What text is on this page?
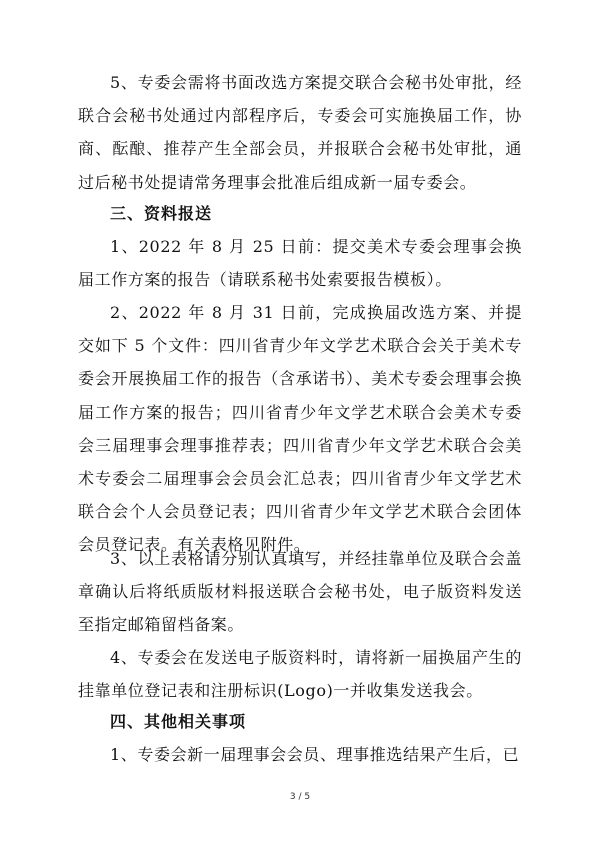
5、专委会需将书面改选方案提交联合会秘书处审批，经联合会秘书处通过内部程序后，专委会可实施换届工作，协商、酝酿、推荐产生全部会员，并报联合会秘书处审批，通过后秘书处提请常务理事会批准后组成新一届专委会。

三、资料报送

1、2022 年 8 月 25 日前：提交美术专委会理事会换届工作方案的报告（请联系秘书处索要报告模板）。

2、2022 年 8 月 31 日前，完成换届改选方案、并提交如下 5 个文件：四川省青少年文学艺术联合会关于美术专委会开展换届工作的报告（含承诺书）、美术专委会理事会换届工作方案的报告；四川省青少年文学艺术联合会美术专委会三届理事会理事推荐表；四川省青少年文学艺术联合会美术专委会二届理事会会员会汇总表；四川省青少年文学艺术联合会个人会员登记表；四川省青少年文学艺术联合会团体会员登记表。有关表格见附件。

3、以上表格请分别认真填写，并经挂靠单位及联合会盖章确认后将纸质版材料报送联合会秘书处，电子版资料发送至指定邮箱留档备案。

4、专委会在发送电子版资料时，请将新一届换届产生的挂靠单位登记表和注册标识(Logo)一并收集发送我会。

四、其他相关事项

1、专委会新一届理事会会员、理事推选结果产生后，已

3 / 5
